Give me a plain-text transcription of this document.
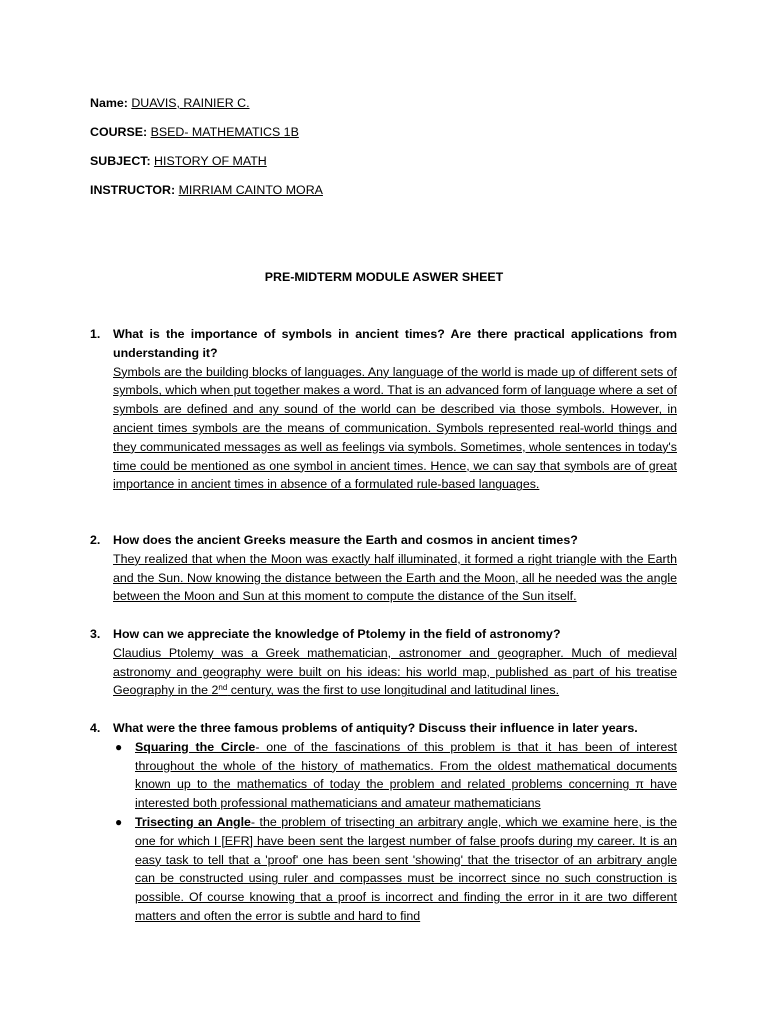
Name: DUAVIS, RAINIER C.
COURSE: BSED- MATHEMATICS 1B
SUBJECT: HISTORY OF MATH
INSTRUCTOR: MIRRIAM CAINTO MORA
PRE-MIDTERM MODULE ASWER SHEET
1. What is the importance of symbols in ancient times? Are there practical applications from understanding it?
Symbols are the building blocks of languages. Any language of the world is made up of different sets of symbols, which when put together makes a word. That is an advanced form of language where a set of symbols are defined and any sound of the world can be described via those symbols. However, in ancient times symbols are the means of communication. Symbols represented real-world things and they communicated messages as well as feelings via symbols. Sometimes, whole sentences in today's time could be mentioned as one symbol in ancient times. Hence, we can say that symbols are of great importance in ancient times in absence of a formulated rule-based languages.
2. How does the ancient Greeks measure the Earth and cosmos in ancient times?
They realized that when the Moon was exactly half illuminated, it formed a right triangle with the Earth and the Sun. Now knowing the distance between the Earth and the Moon, all he needed was the angle between the Moon and Sun at this moment to compute the distance of the Sun itself.
3. How can we appreciate the knowledge of Ptolemy in the field of astronomy?
Claudius Ptolemy was a Greek mathematician, astronomer and geographer. Much of medieval astronomy and geography were built on his ideas: his world map, published as part of his treatise Geography in the 2nd century, was the first to use longitudinal and latitudinal lines.
4. What were the three famous problems of antiquity? Discuss their influence in later years.
● Squaring the Circle- one of the fascinations of this problem is that it has been of interest throughout the whole of the history of mathematics. From the oldest mathematical documents known up to the mathematics of today the problem and related problems concerning π have interested both professional mathematicians and amateur mathematicians
● Trisecting an Angle- the problem of trisecting an arbitrary angle, which we examine here, is the one for which I [EFR] have been sent the largest number of false proofs during my career. It is an easy task to tell that a 'proof' one has been sent 'showing' that the trisector of an arbitrary angle can be constructed using ruler and compasses must be incorrect since no such construction is possible. Of course knowing that a proof is incorrect and finding the error in it are two different matters and often the error is subtle and hard to find
